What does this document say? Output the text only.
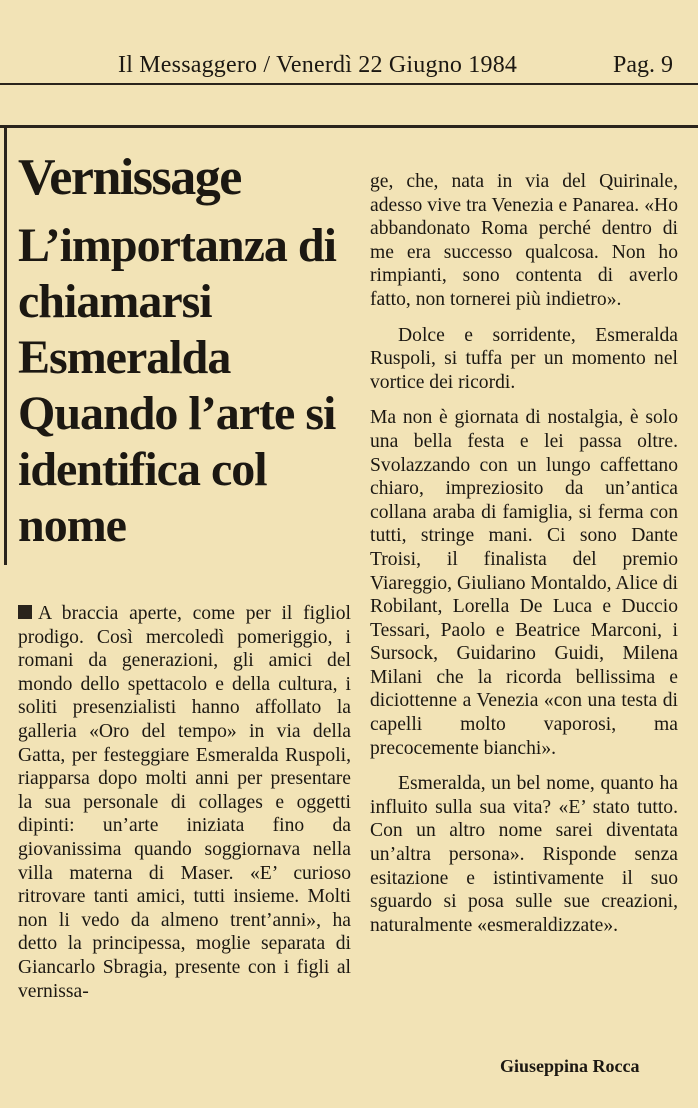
Il Messaggero / Venerdì 22 Giugno 1984	Pag. 9
Vernissage
L’importanza di chiamarsi Esmeralda Quando l’arte si identifica col nome

A braccia aperte, come per il figliol prodigo. Così mercoledì pomeriggio, i romani da generazioni, gli amici del mondo dello spettacolo e della cultura, i soliti presenzialisti hanno affollato la galleria «Oro del tempo» in via della Gatta, per festeggiare Esmeralda Ruspoli, riapparsa dopo molti anni per presentare la sua personale di collages e oggetti dipinti: un’arte iniziata fino da giovanissima quando soggiornava nella villa materna di Maser. «E’ curioso ritrovare tanti amici, tutti insieme. Molti non li vedo da almeno trent’anni», ha detto la principessa, moglie separata di Giancarlo Sbragia, presente con i figli al vernissa-

ge, che, nata in via del Quirinale, adesso vive tra Venezia e Panarea. «Ho abbandonato Roma perché dentro di me era successo qualcosa. Non ho rimpianti, sono contenta di averlo fatto, non tornerei più indietro».

Dolce e sorridente, Esmeralda Ruspoli, si tuffa per un momento nel vortice dei ricordi.

Ma non è giornata di nostalgia, è solo una bella festa e lei passa oltre. Svolazzando con un lungo caffettano chiaro, impreziosito da un’antica collana araba di famiglia, si ferma con tutti, stringe mani. Ci sono Dante Troisi, il finalista del premio Viareggio, Giuliano Montaldo, Alice di Robilant, Lorella De Luca e Duccio Tessari, Paolo e Beatrice Marconi, i Sursock, Guidarino Guidi, Milena Milani che la ricorda bellissima e diciottenne a Venezia «con una testa di capelli molto vaporosi, ma precocemente bianchi».

Esmeralda, un bel nome, quanto ha influito sulla sua vita? «E’ stato tutto. Con un altro nome sarei diventata un’altra persona». Risponde senza esitazione e istintivamente il suo sguardo si posa sulle sue creazioni, naturalmente «esmeraldizzate».

Giuseppina Rocca
